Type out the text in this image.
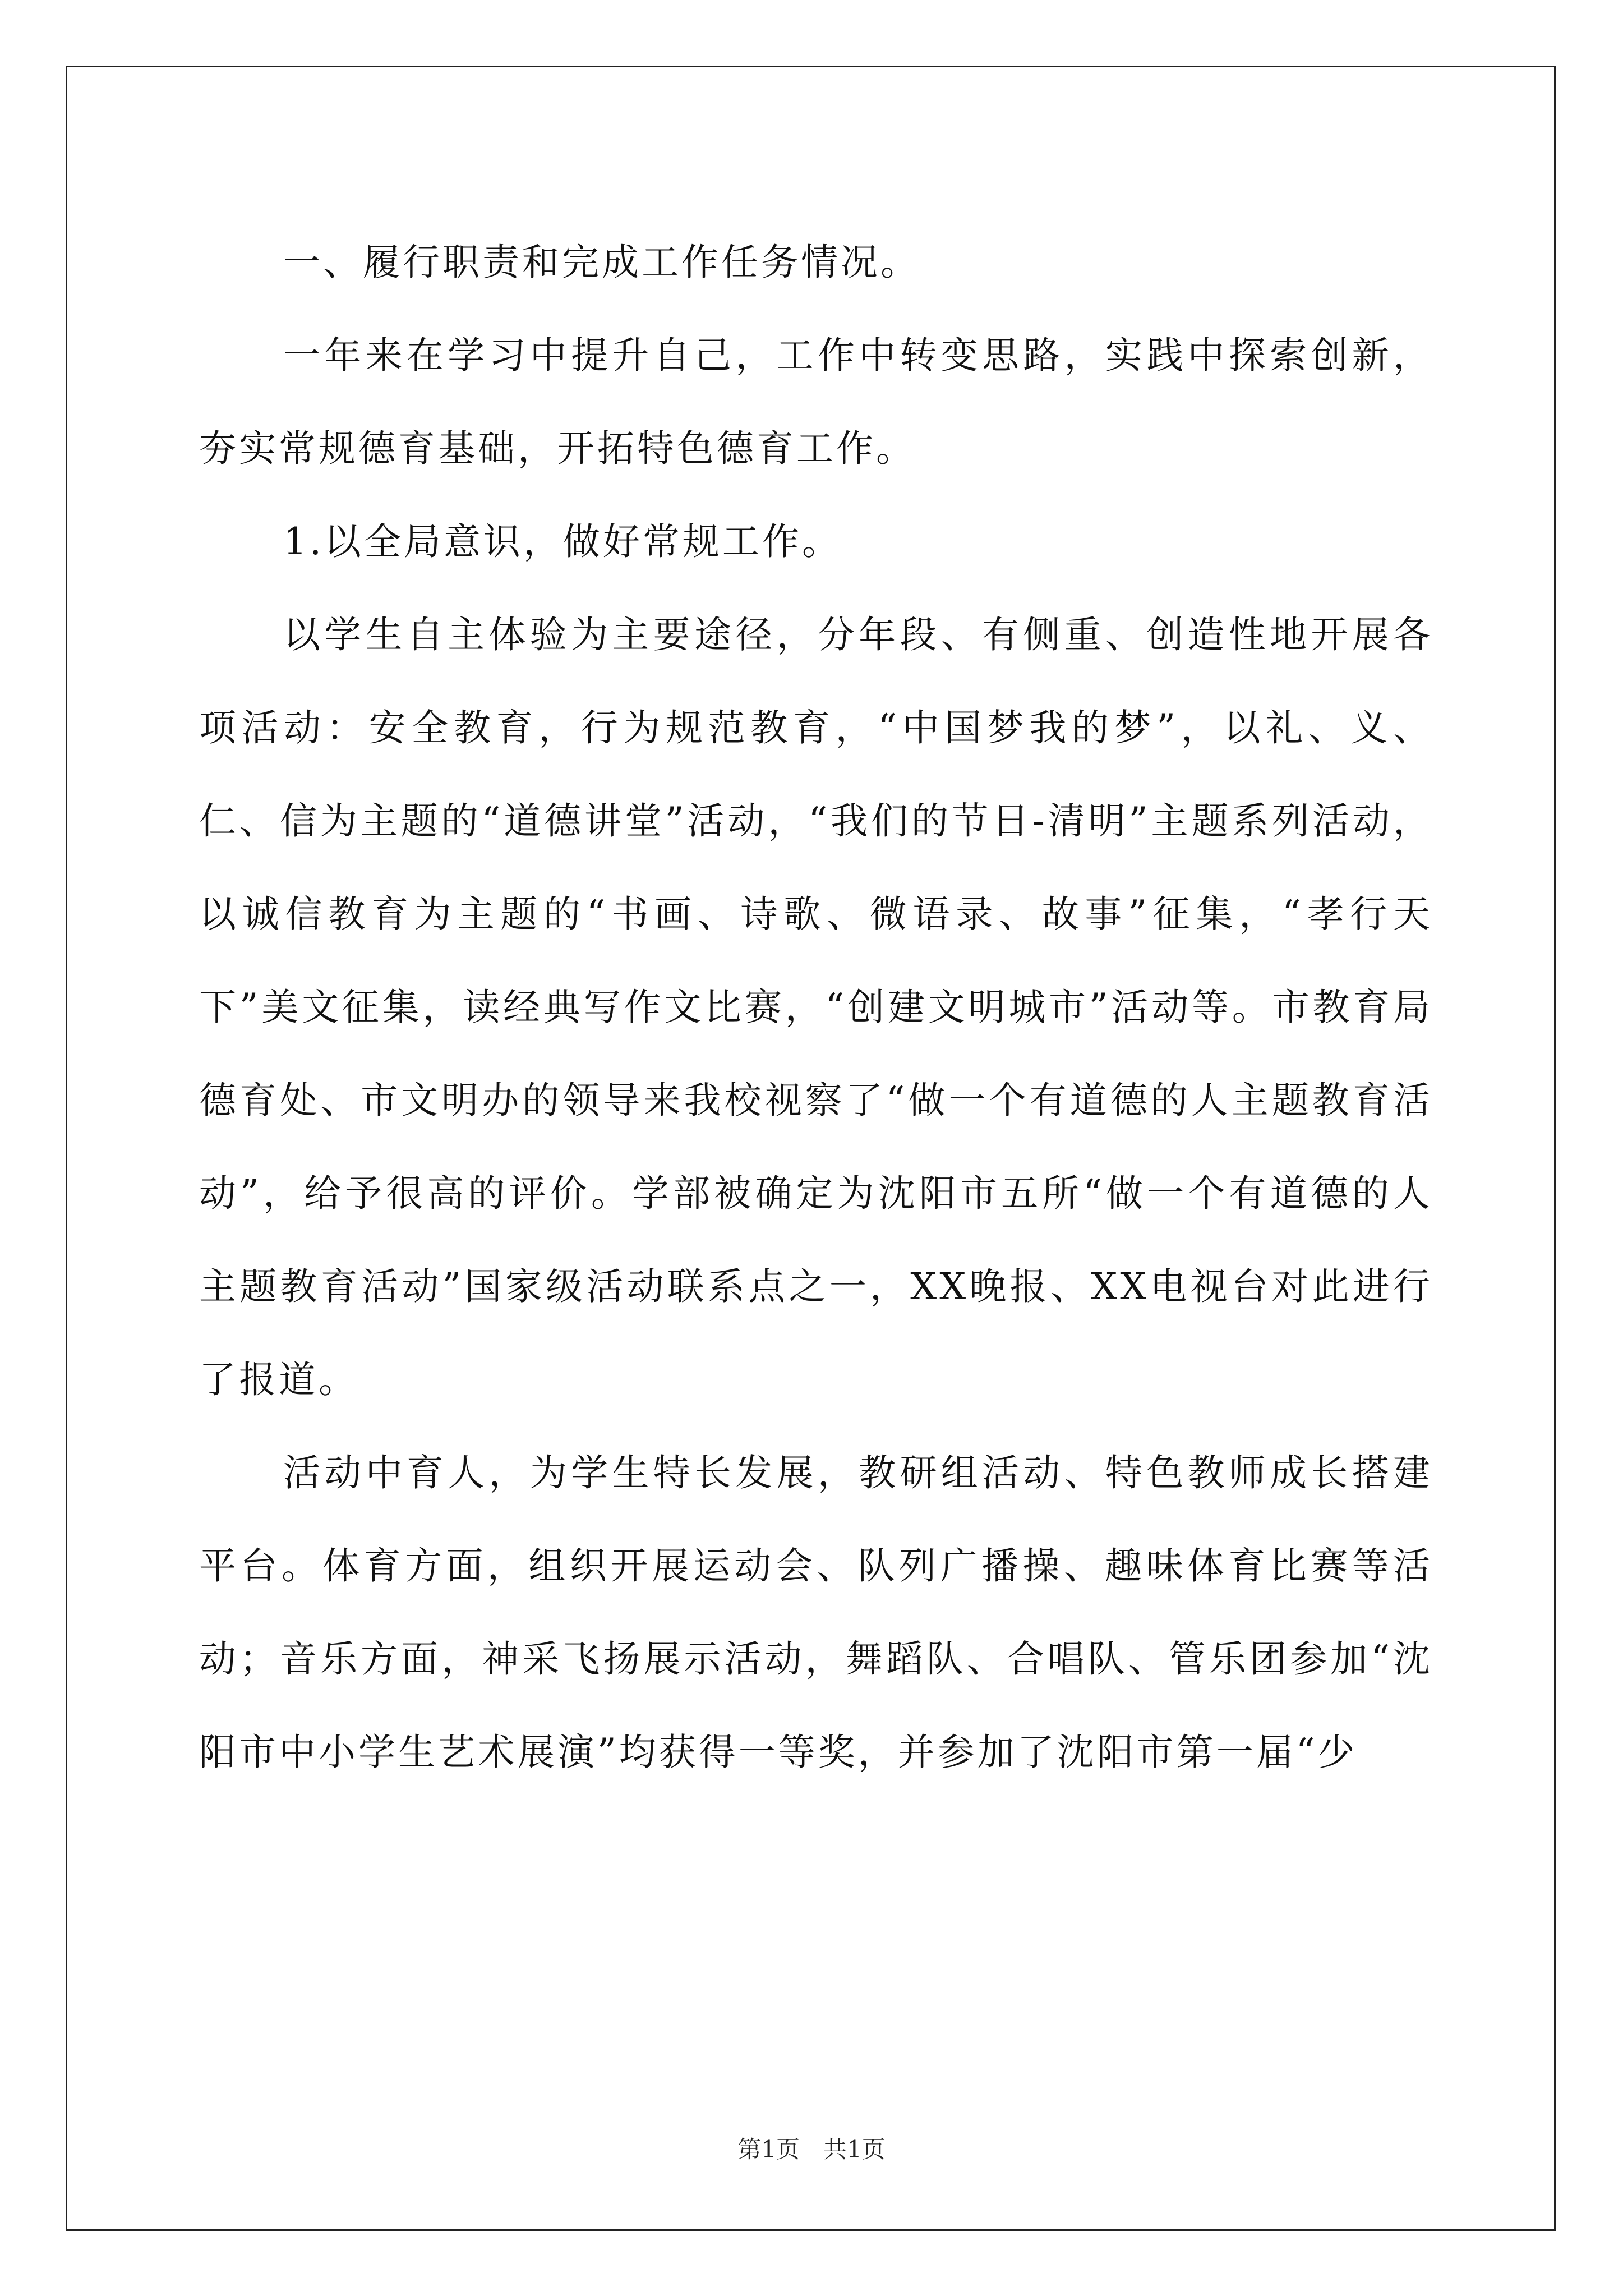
一、履行职责和完成工作任务情况。

一年来在学习中提升自己，工作中转变思路，实践中探索创新，夯实常规德育基础，开拓特色德育工作。

1.以全局意识，做好常规工作。

以学生自主体验为主要途径，分年段、有侧重、创造性地开展各项活动：安全教育，行为规范教育，“中国梦我的梦”，以礼、义、仁、信为主题的“道德讲堂”活动，“我们的节日-清明”主题系列活动，以诚信教育为主题的“书画、诗歌、微语录、故事”征集，“孝行天下”美文征集，读经典写作文比赛，“创建文明城市”活动等。市教育局德育处、市文明办的领导来我校视察了“做一个有道德的人主题教育活动”，给予很高的评价。学部被确定为沈阳市五所“做一个有道德的人主题教育活动”国家级活动联系点之一，XX晚报、XX电视台对此进行了报道。

活动中育人，为学生特长发展，教研组活动、特色教师成长搭建平台。体育方面，组织开展运动会、队列广播操、趣味体育比赛等活动；音乐方面，神采飞扬展示活动，舞蹈队、合唱队、管乐团参加“沈阳市中小学生艺术展演”均获得一等奖，并参加了沈阳市第一届“少

第1页　共1页
